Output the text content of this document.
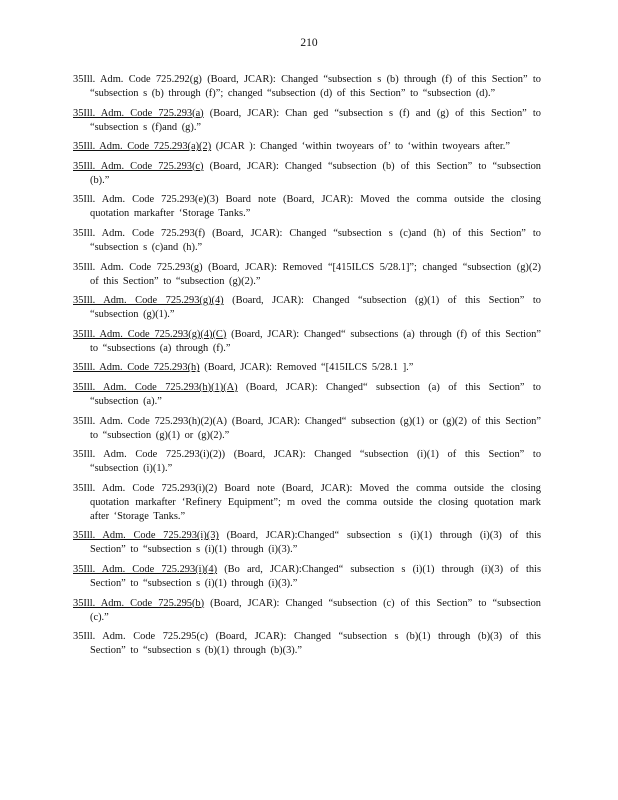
210
35Ill. Adm. Code 725.292(g) (Board, JCAR): Changed “subsection s (b) through (f) of this Section” to “subsection s (b) through (f)”; changed “subsection (d) of this Section” to “subsection (d).”
35Ill. Adm. Code 725.293(a) (Board, JCAR): Chan ged “subsection s (f) and (g) of this Section” to “subsection s (f)and (g).”
35Ill. Adm. Code 725.293(a)(2) (JCAR ): Changed ‘within twoyears of’ to ‘within twoyears after.”
35Ill. Adm. Code 725.293(c) (Board, JCAR): Changed “subsection (b) of this Section” to “subsection (b).”
35Ill. Adm. Code 725.293(e)(3) Board note (Board, JCAR): Moved the comma outside the closing quotation markafter ‘Storage Tanks.”
35Ill. Adm. Code 725.293(f) (Board, JCAR): Changed “subsection s (c)and (h) of this Section” to “subsection s (c)and (h).”
35Ill. Adm. Code 725.293(g) (Board, JCAR): Removed “[415ILCS 5/28.1]”; changed “subsection (g)(2) of this Section” to “subsection (g)(2).”
35Ill. Adm. Code 725.293(g)(4) (Board, JCAR): Changed “subsection (g)(1) of this Section” to “subsection (g)(1).”
35Ill. Adm. Code 725.293(g)(4)(C) (Board, JCAR): Changed“ subsections (a) through (f) of this Section” to “subsections (a) through (f).”
35Ill. Adm. Code 725.293(h) (Board, JCAR): Removed “[415ILCS 5/28.1 ].”
35Ill. Adm. Code 725.293(h)(1)(A) (Board, JCAR): Changed“ subsection (a) of this Section” to “subsection (a).”
35Ill. Adm. Code 725.293(h)(2)(A) (Board, JCAR): Changed“ subsection (g)(1) or (g)(2) of this Section” to “subsection (g)(1) or (g)(2).”
35Ill. Adm. Code 725.293(i)(2)) (Board, JCAR): Changed “subsection (i)(1) of this Section” to “subsection (i)(1).”
35Ill. Adm. Code 725.293(i)(2) Board note (Board, JCAR): Moved the comma outside the closing quotation markafter ‘Refinery Equipment”; m oved the comma outside the closing quotation mark after ‘Storage Tanks.”
35Ill. Adm. Code 725.293(i)(3) (Board, JCAR):Changed“ subsection s (i)(1) through (i)(3) of this Section” to “subsection s (i)(1) through (i)(3).”
35Ill. Adm. Code 725.293(i)(4) (Bo ard, JCAR):Changed“ subsection s (i)(1) through (i)(3) of this Section” to “subsection s (i)(1) through (i)(3).”
35Ill. Adm. Code 725.295(b) (Board, JCAR): Changed “subsection (c) of this Section” to “subsection (c).”
35Ill. Adm. Code 725.295(c) (Board, JCAR): Changed “subsection s (b)(1) through (b)(3) of this Section” to “subsection s (b)(1) through (b)(3).”
